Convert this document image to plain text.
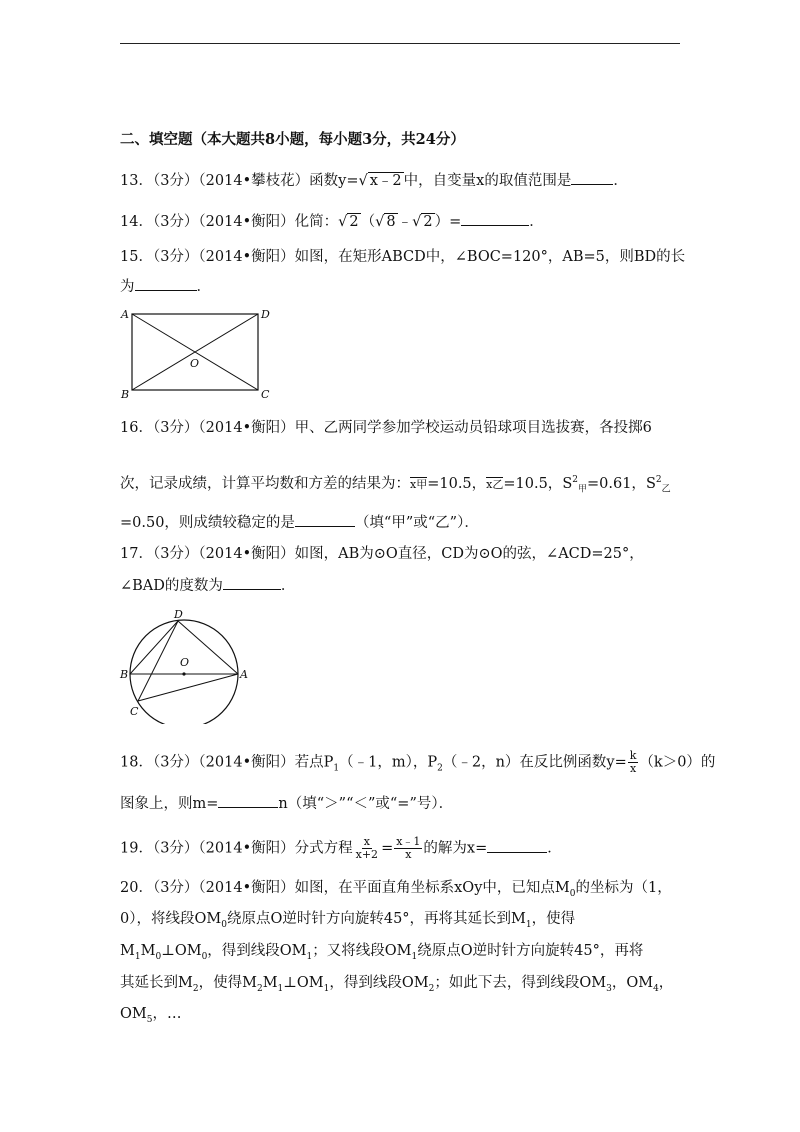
二、填空题（本大题共8小题，每小题3分，共24分）
13．（3分）（2014•攀枝花）函数y=√ x﹣2 中，自变量x的取值范围是	．
14．（3分）（2014•衡阳）化简：√ 2 （√ 8 ﹣√ 2 ）=	．
15．（3分）（2014•衡阳）如图，在矩形ABCD中，∠BOC=120°，AB=5，则BD的长
为	．
A	D
O
B	C
16．（3分）（2014•衡阳）甲、乙两同学参加学校运动员铅球项目选拔赛，各投掷6
次，记录成绩，计算平均数和方差的结果为：x甲=10.5，x乙=10.5，$S^2_甲=0.61$，$S^2_乙$
=0.50，则成绩较稳定的是	（填“甲”或“乙”）．
17．（3分）（2014•衡阳）如图，AB为⊙O直径，CD为⊙O的弦，∠ACD=25°，
∠BAD的度数为	．
D
B
O
A
C
18．（3分）（2014•衡阳）若点$P_1(﹣1$，m），$P_2(﹣2$，n）在反比例函数$y= \frac{k}{x} (k>0)$的
图象上，则m=	n（填“＞”“＜”或“=”号）．
19．（3分）（2014•衡阳）分式方程 $\frac{x}{x+2} = \frac{x﹣1}{x}$ 的解为x=	．
20．（3分）（2014•衡阳）如图，在平面直角坐标系xOy中，已知点$M_0$的坐标为（1，
0），将线段$OM_0$绕原点O逆时针方向旋转45°，再将其延长到$M_1$，使得
$M_1M_0\perp OM_0$，得到线段$OM_1$；又将线段$OM_1$绕原点O逆时针方向旋转45°，再将
其延长到$M_2$，使得$M_2M_1\perp OM_1$，得到线段$OM_2$；如此下去，得到线段$OM_3$，$OM_4$，
$OM_5$，…
